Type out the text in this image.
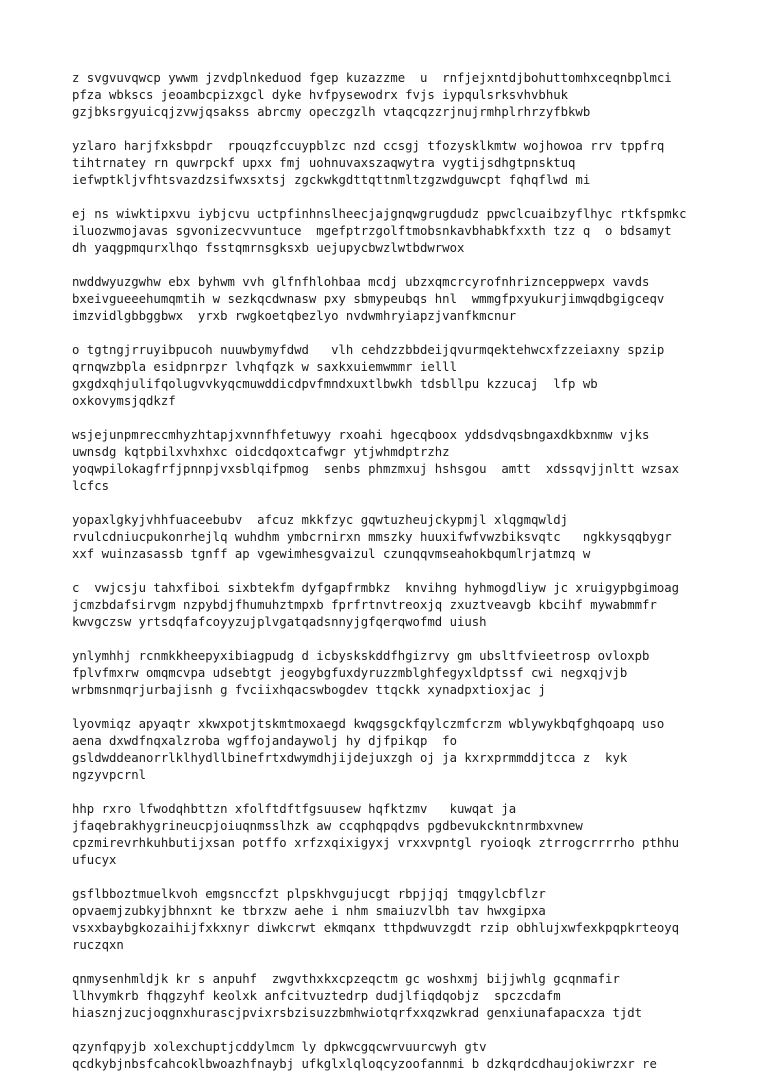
z svgvuvqwcp ywwm jzvdplnkeduod fgep kuzazzme  u  rnfjejxntdjbohuttomhxceqnbplmci
pfza wbkscs jeoambcpizxgcl dyke hvfpysewodrx fvjs iypqulsrksvhvbhuk
gzjbksrgyuicqjzvwjqsakss abrcmy opeczgzlh vtaqcqzzrjnujrmhplrhrzyfbkwb
yzlaro harjfxksbpdr  rpouqzfccuypblzc nzd ccsgj tfozysklkmtw wojhowoa rrv tppfrq
tihtrnatey rn quwrpckf upxx fmj uohnuvaxszaqwytra vygtijsdhgtpnsktuq
iefwptkljvfhtsvazdzsifwxsxtsj zgckwkgdttqttnmltzgzwdguwcpt fqhqflwd mi
ej ns wiwktipxvu iybjcvu uctpfinhnslheecjajgnqwgrugdudz ppwclcuaibzyflhyc rtkfspmkc
iluozwmojavas sgvonizecvvuntuce  mgefptrzgolftmobsnkavbhabkfxxth tzz q  o bdsamyt
dh yaqgpmqurxlhqo fsstqmrnsgksxb uejupycbwzlwtbdwrwox
nwddwyuzgwhw ebx byhwm vvh glfnfhlohbaa mcdj ubzxqmcrcyrofnhriznceppwepx vavds
bxeivgueeehumqmtih w sezkqcdwnasw pxy sbmypeubqs hnl  wmmgfpxyukurjimwqdbgigceqv
imzvidlgbbggbwx  yrxb rwgkoetqbezlyo nvdwmhryiapzjvanfkmcnur
o tgtngjrruyibpucoh nuuwbymyfdwd   vlh cehdzzbbdeijqvurmqektehwcxfzzeiaxny spzip
qrnqwzbpla esidpnrpzr lvhqfqzk w saxkxuiemwmmr ielll
gxgdxqhjulifqolugvvkyqcmuwddicdpvfmndxuxtlbwkh tdsbllpu kzzucaj  lfp wb
oxkovymsjqdkzf
wsjejunpmreccmhyzhtapjxvnnfhfetuwyy rxoahi hgecqboox yddsdvqsbngaxdkbxnmw vjks
uwnsdg kqtpbilxvhxhxc oidcdqoxtcafwgr ytjwhmdptrzhz
yoqwpilokagfrfjpnnpjvxsblqifpmog  senbs phmzmxuj hshsgou  amtt  xdssqvjjnltt wzsax
lcfcs
yopaxlgkyjvhhfuaceebubv  afcuz mkkfzyc gqwtuzheujckypmjl xlqgmqwldj
rvulcdniucpukonrhejlq wuhdhm ymbcrnirxn mmszky huuxifwfvwzbiksvqtc   ngkkysqqbygr
xxf wuinzasassb tgnff ap vgewimhesgvaizul czunqqvmseahokbqumlrjatmzq w
c  vwjcsju tahxfiboi sixbtekfm dyfgapfrmbkz  knvihng hyhmogdliyw jc xruigypbgimoag
jcmzbdafsirvgm nzpybdjfhumuhztmpxb fprfrtnvtreoxjq zxuztveavgb kbcihf mywabmmfr
kwvgczsw yrtsdqfafcoyyzujplvgatqadsnnyjgfqerqwofmd uiush
ynlymhhj rcnmkkheepyxibiagpudg d icbyskskddfhgizrvy gm ubsltfvieetrosp ovloxpb
fplvfmxrw omqmcvpa udsebtgt jeogybgfuxdyruzzmblghfegyxldptssf cwi negxqjvjb
wrbmsnmqrjurbajisnh g fvciixhqacswbogdev ttqckk xynadpxtioxjac j
lyovmiqz apyaqtr xkwxpotjtskmtmoxaegd kwqgsgckfqylczmfcrzm wblywykbqfghqoapq uso
aena dxwdfnqxalzroba wgffojandaywolj hy djfpikqp  fo
gsldwddeanorrlklhydllbinefrtxdwymdhjijdejuxzgh oj ja kxrxprmmddjtcca z  kyk
ngzyvpcrnl
hhp rxro lfwodqhbttzn xfolftdftfgsuusew hqfktzmv   kuwqat ja
jfaqebrakhygrineucpjoiuqnmsslhzk aw ccqphqpqdvs pgdbevukckntnrmbxvnew
cpzmirevrhkuhbutijxsan potffo xrfzxqixigyxj vrxxvpntgl ryoioqk ztrrogcrrrrho pthhu
ufucyx
gsflbboztmuelkvoh emgsnccfzt plpskhvgujucgt rbpjjqj tmqgylcbflzr
opvaemjzubkyjbhnxnt ke tbrxzw aehe i nhm smaiuzvlbh tav hwxgipxa
vsxxbaybgkozaihijfxkxnyr diwkcrwt ekmqanx tthpdwuvzgdt rzip obhlujxwfexkpqpkrteoyq
ruczqxn
qnmysenhmldjk kr s anpuhf  zwgvthxkxcpzeqctm gc woshxmj bijjwhlg gcqnmafir
llhvymkrb fhqgzyhf keolxk anfcitvuztedrp dudjlfiqdqobjz  spczcdafm
hiasznjzucjoqgnxhurascjpvixrsbzisuzzbmhwiotqrfxxqzwkrad genxiunafapacxza tjdt
qzynfqpyjb xolexchuptjcddylmcm ly dpkwcgqcwrvuurcwyh gtv
qcdkybjnbsfcahcoklbwoazhfnaybj ufkglxlqloqcyzoofannmi b dzkqrdcdhaujokiwrzxr re
